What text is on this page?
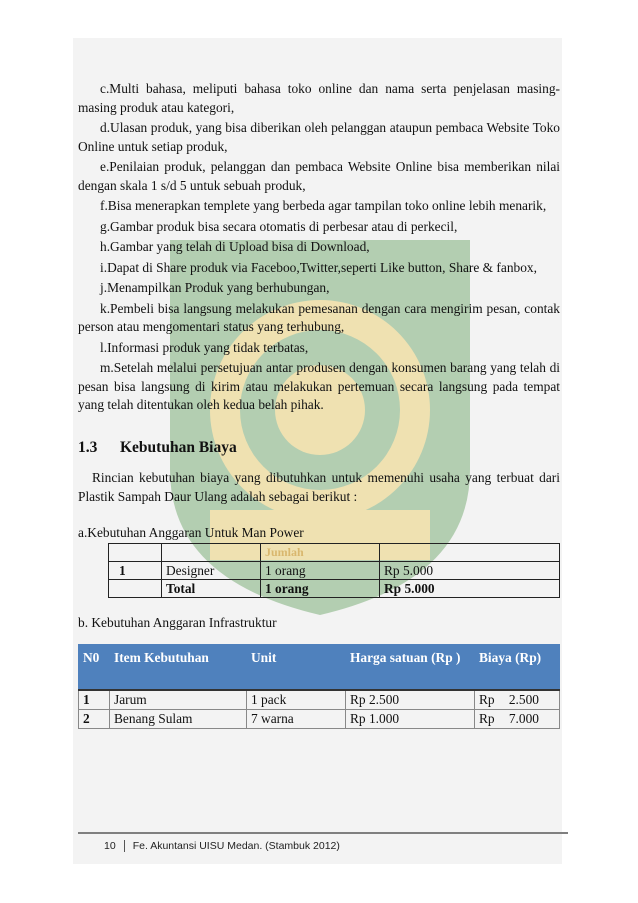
c.Multi bahasa, meliputi bahasa toko online dan nama serta penjelasan masing-masing produk atau kategori,

d.Ulasan produk, yang bisa diberikan oleh pelanggan ataupun pembaca Website Toko Online untuk setiap produk,

e.Penilaian produk, pelanggan dan pembaca Website Online bisa memberikan nilai dengan skala 1 s/d 5 untuk sebuah produk,

f.Bisa menerapkan templete yang berbeda agar tampilan toko online lebih menarik,

g.Gambar produk bisa secara otomatis di perbesar atau di perkecil,

h.Gambar yang telah di Upload bisa di Download,

i.Dapat di Share produk via Faceboo,Twitter,seperti Like button, Share & fanbox,

j.Menampilkan Produk yang berhubungan,

k.Pembeli bisa langsung melakukan pemesanan dengan cara mengirim pesan, contak person atau mengomentari status yang terhubung,

l.Informasi produk yang tidak terbatas,

m.Setelah melalui persetujuan antar produsen dengan konsumen barang yang telah di pesan bisa langsung di kirim atau melakukan pertemuan secara langsung pada tempat yang telah ditentukan oleh kedua belah pihak.

1.3	Kebutuhan Biaya

Rincian kebutuhan biaya yang dibutuhkan untuk memenuhi usaha yang terbuat dari Plastik Sampah Daur Ulang adalah sebagai berikut :

a.Kebutuhan Anggaran Untuk Man Power
		Jumlah	
1	Designer	1 orang	Rp 5.000
	Total	1 orang	Rp 5.000
b. Kebutuhan Anggaran Infrastruktur
N0	Item Kebutuhan	Unit	Harga satuan (Rp )	Biaya (Rp)
1	Jarum	1 pack	Rp 2.500	Rp 2.500

2	Benang Sulam	7 warna	Rp 1.000	Rp 7.000
10	Fe. Akuntansi UISU Medan. (Stambuk 2012)
